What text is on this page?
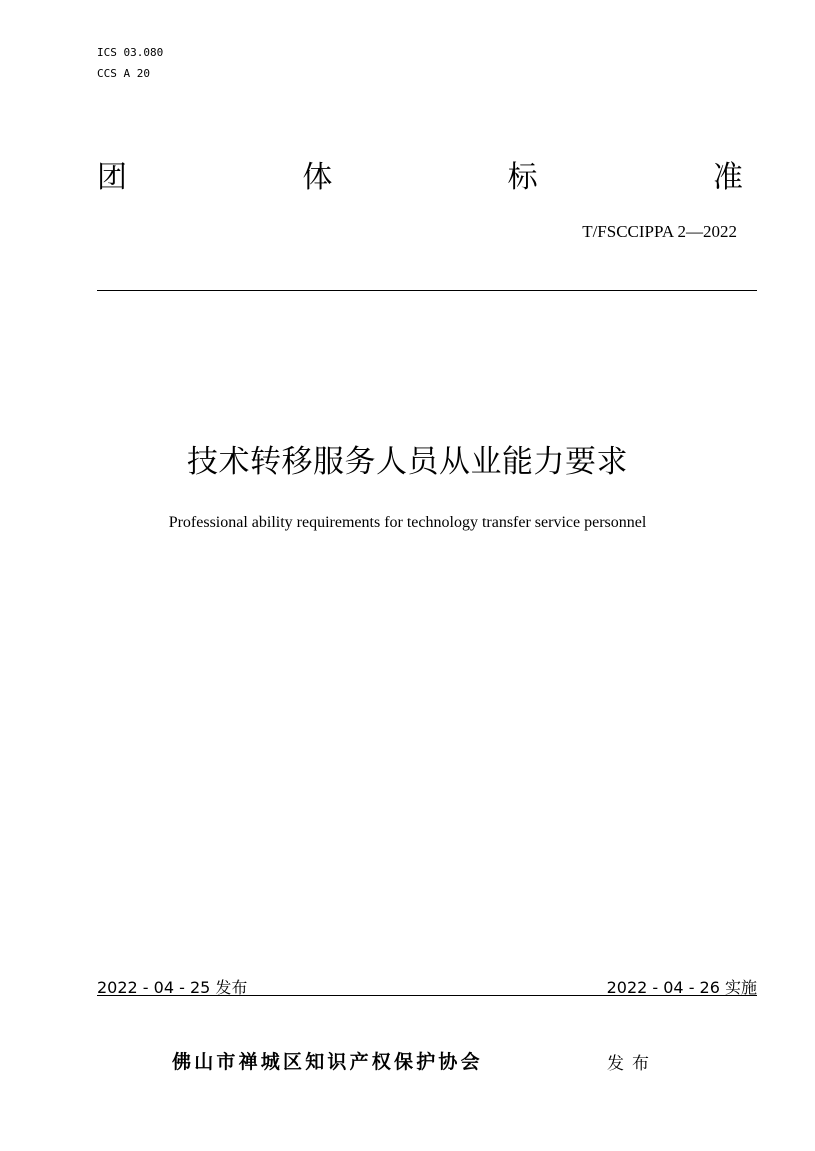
ICS 03.080
CCS A 20
团	体	标	准
T/FSCCIPPA 2—2022
技术转移服务人员从业能力要求
Professional ability requirements for technology transfer service personnel
2022 - 04 - 25 发布	2022 - 04 - 26 实施
佛山市禅城区知识产权保护协会	发布
